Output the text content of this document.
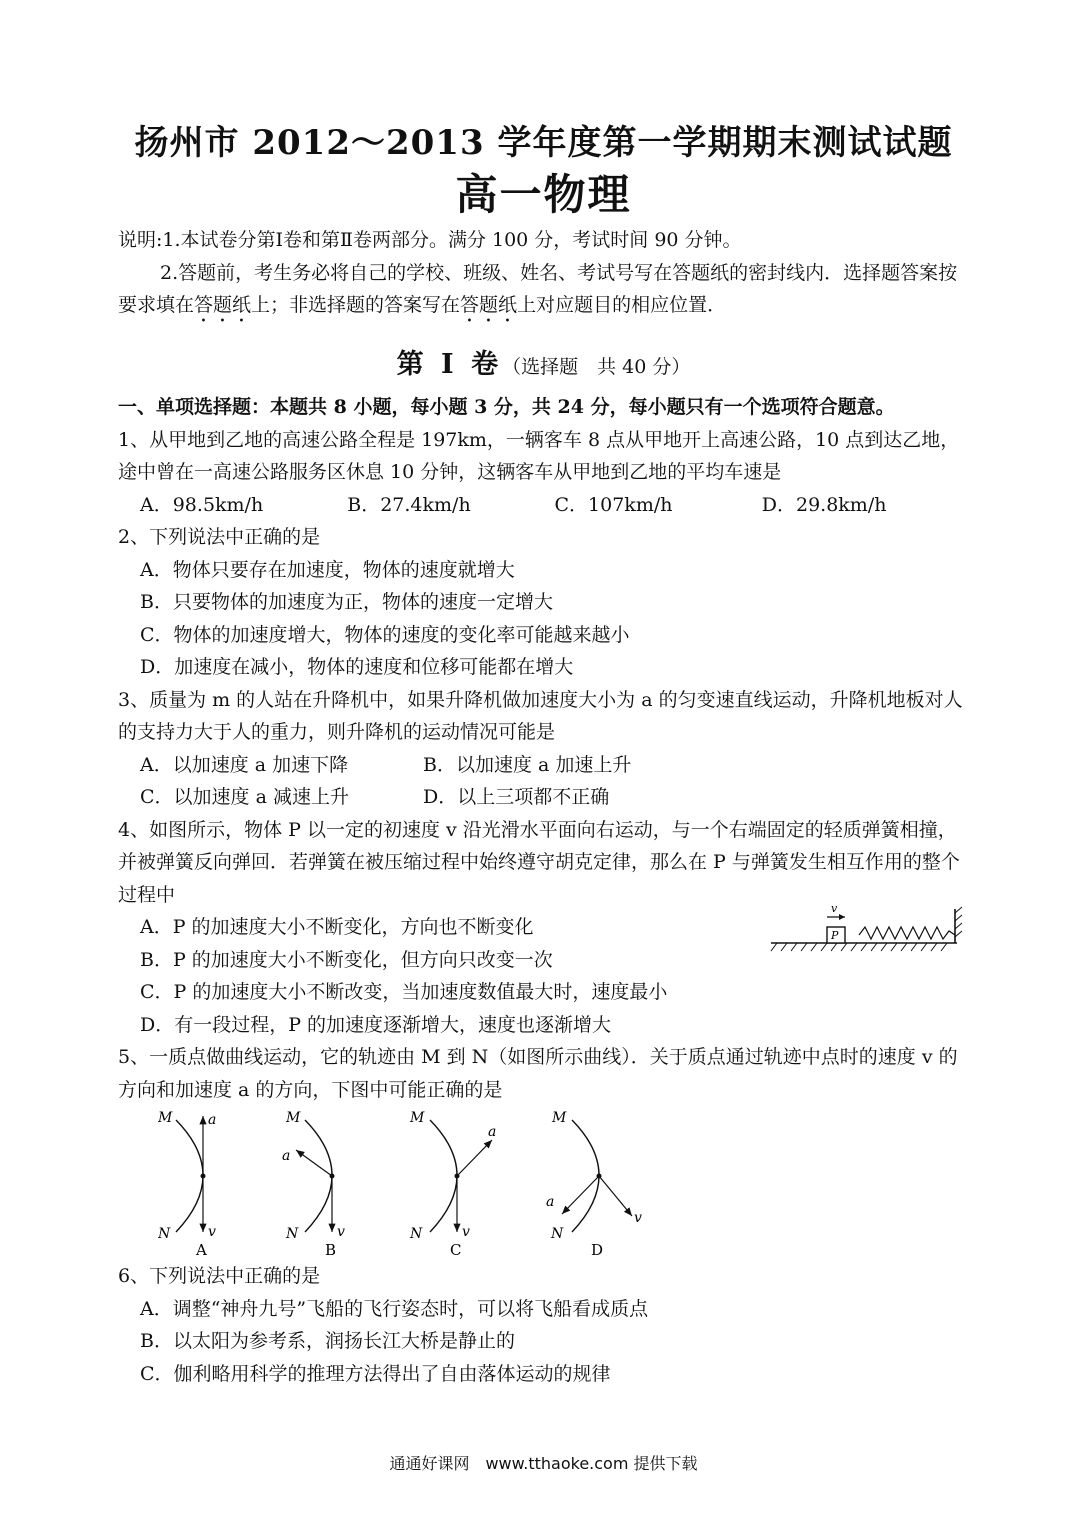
扬州市 2012～2013 学年度第一学期期末测试试题
高一物理

说明:1.本试卷分第Ⅰ卷和第Ⅱ卷两部分。满分 100 分，考试时间 90 分钟。

2.答题前，考生务必将自己的学校、班级、姓名、考试号写在答题纸的密封线内．选择题答案按要求填在答题纸上；非选择题的答案写在答题纸上对应题目的相应位置．

第 Ⅰ 卷（选择题　共 40 分）

一、单项选择题：本题共 8 小题，每小题 3 分，共 24 分，每小题只有一个选项符合题意。

1、从甲地到乙地的高速公路全程是 197km，一辆客车 8 点从甲地开上高速公路，10 点到达乙地，途中曾在一高速公路服务区休息 10 分钟，这辆客车从甲地到乙地的平均车速是

A．98.5km/h	B．27.4km/h	C．107km/h	D．29.8km/h

2、下列说法中正确的是

A．物体只要存在加速度，物体的速度就增大

B．只要物体的加速度为正，物体的速度一定增大

C．物体的加速度增大，物体的速度的变化率可能越来越小

D．加速度在减小，物体的速度和位移可能都在增大

3、质量为 m 的人站在升降机中，如果升降机做加速度大小为 a 的匀变速直线运动，升降机地板对人的支持力大于人的重力，则升降机的运动情况可能是

A．以加速度 a 加速下降	B．以加速度 a 加速上升
C．以加速度 a 减速上升	D．以上三项都不正确

4、如图所示，物体 P 以一定的初速度 v 沿光滑水平面向右运动，与一个右端固定的轻质弹簧相撞，并被弹簧反向弹回．若弹簧在被压缩过程中始终遵守胡克定律，那么在 P 与弹簧发生相互作用的整个过程中

P
v

A．P 的加速度大小不断变化，方向也不断变化

B．P 的加速度大小不断变化，但方向只改变一次

C．P 的加速度大小不断改变，当加速度数值最大时，速度最小

D．有一段过程，P 的加速度逐渐增大，速度也逐渐增大

5、一质点做曲线运动，它的轨迹由 M 到 N（如图所示曲线）．关于质点通过轨迹中点时的速度 v 的方向和加速度 a 的方向，下图中可能正确的是

M
N
a
v
A
M
N
a
v
B
M
N
a
v
C
M
N
a
v
D

6、下列说法中正确的是

A．调整“神舟九号”飞船的飞行姿态时，可以将飞船看成质点

B．以太阳为参考系，润扬长江大桥是静止的

C．伽利略用科学的推理方法得出了自由落体运动的规律

通通好课网　www.tthaoke.com 提供下载
